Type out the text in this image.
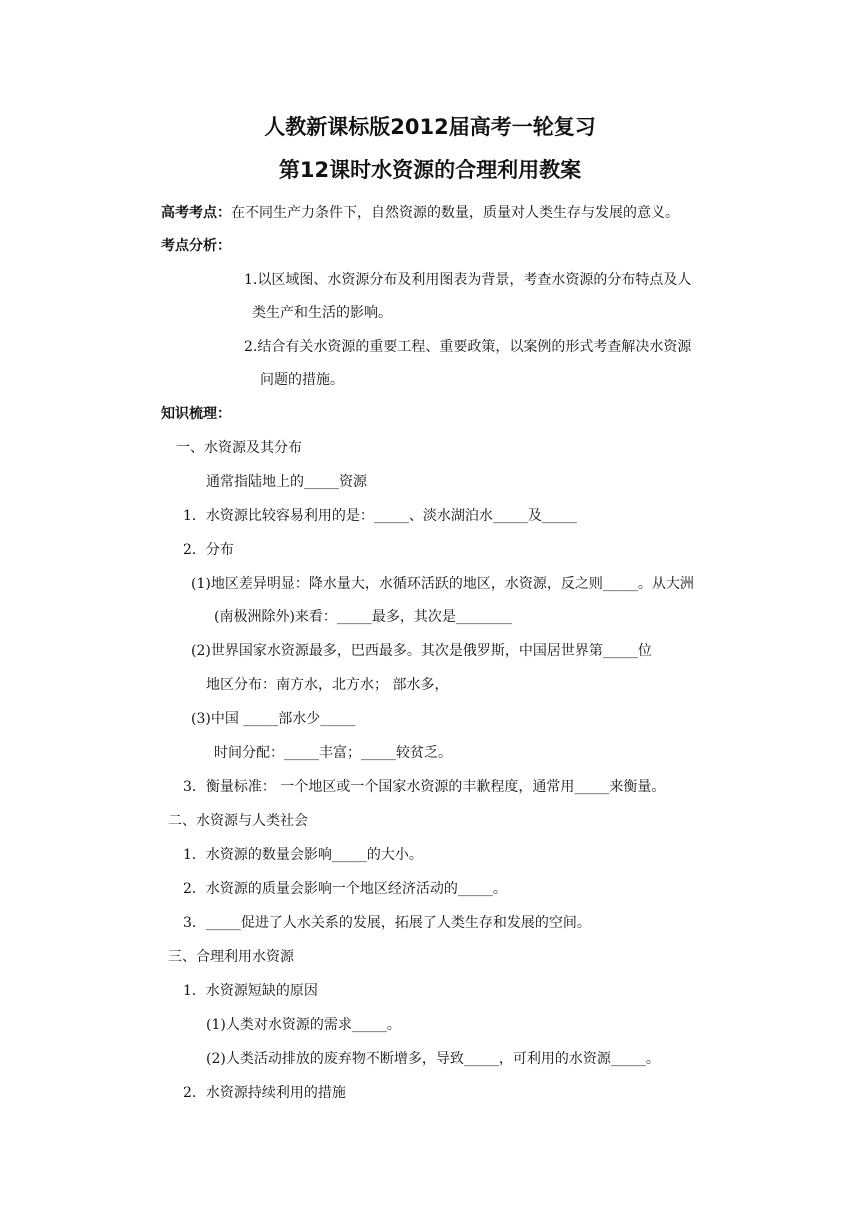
人教新课标版2012届高考一轮复习
第12课时水资源的合理利用教案
高考考点：在不同生产力条件下，自然资源的数量，质量对人类生存与发展的意义。
考点分析：
1.以区域图、水资源分布及利用图表为背景，考查水资源的分布特点及人
类生产和生活的影响。
2.结合有关水资源的重要工程、重要政策，以案例的形式考查解决水资源
问题的措施。
知识梳理：
一、水资源及其分布
通常指陆地上的_____资源
1．水资源比较容易利用的是：_____、淡水湖泊水_____及_____
2．分布
(1)地区差异明显：降水量大，水循环活跃的地区，水资源，反之则_____。从大洲
(南极洲除外)来看：_____最多，其次是________
(2)世界国家水资源最多，巴西最多。其次是俄罗斯，中国居世界第_____位
地区分布：南方水，北方水； 部水多，
(3)中国 _____部水少_____
时间分配：_____丰富；_____较贫乏。
3．衡量标准： 一个地区或一个国家水资源的丰歉程度，通常用_____来衡量。
二、水资源与人类社会
1．水资源的数量会影响_____的大小。
2．水资源的质量会影响一个地区经济活动的_____。
3．_____促进了人水关系的发展，拓展了人类生存和发展的空间。
三、合理利用水资源
1．水资源短缺的原因
(1)人类对水资源的需求_____。
(2)人类活动排放的废弃物不断增多，导致_____，可利用的水资源_____。
2．水资源持续利用的措施
